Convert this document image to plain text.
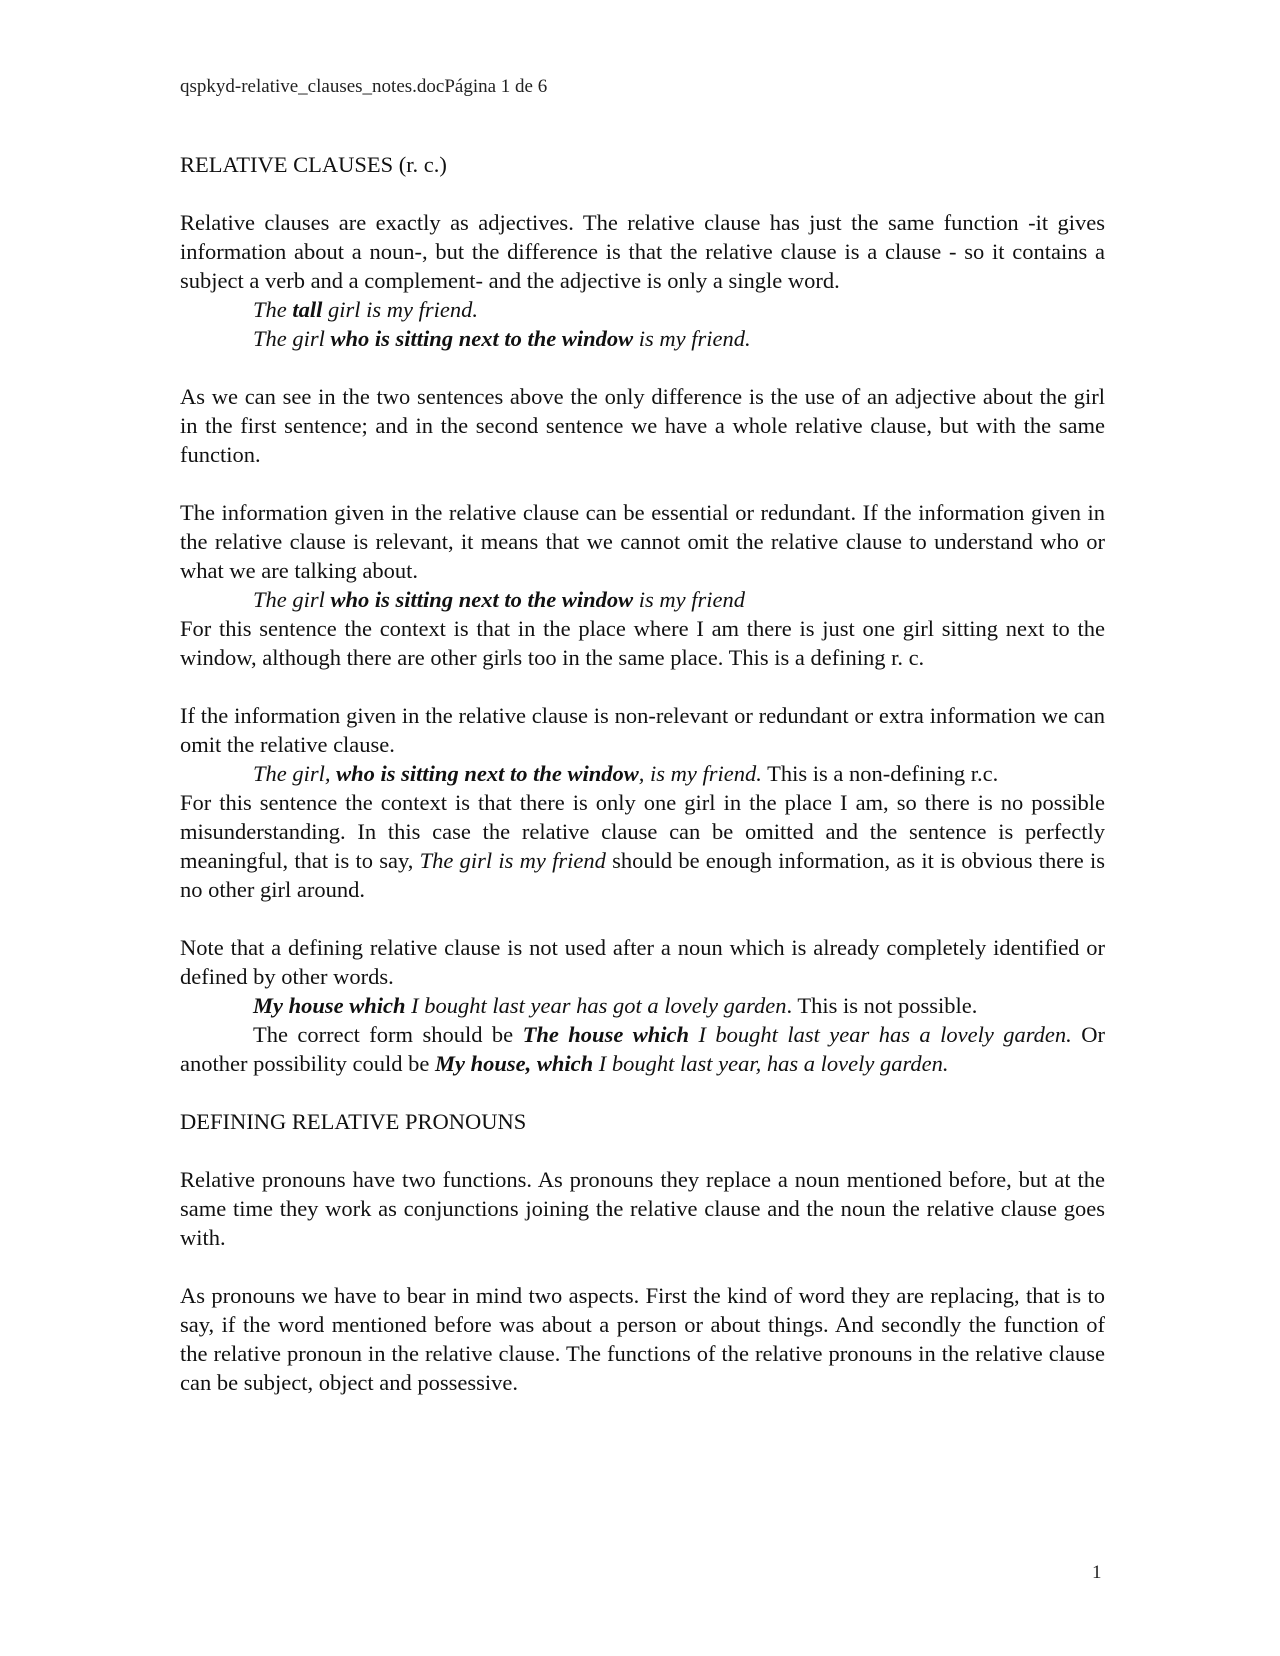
qspkyd-relative_clauses_notes.docPágina 1 de 6

RELATIVE CLAUSES (r. c.)

Relative clauses are exactly as adjectives. The relative clause has just the same function -it gives information about a noun-, but the difference is that the relative clause is a clause - so it contains a subject a verb and a complement- and the adjective is only a single word.

The tall girl is my friend.

The girl who is sitting next to the window is my friend.

As we can see in the two sentences above the only difference is the use of an adjective about the girl in the first sentence; and in the second sentence we have a whole relative clause, but with the same function.

The information given in the relative clause can be essential or redundant. If the information given in the relative clause is relevant, it means that we cannot omit the relative clause to understand who or what we are talking about.

The girl who is sitting next to the window is my friend

For this sentence the context is that in the place where I am there is just one girl sitting next to the window, although there are other girls too in the same place. This is a defining r. c.

If the information given in the relative clause is non-relevant or redundant or extra information we can omit the relative clause.

The girl, who is sitting next to the window, is my friend. This is a non-defining r.c.

For this sentence the context is that there is only one girl in the place I am, so there is no possible misunderstanding. In this case the relative clause can be omitted and the sentence is perfectly meaningful, that is to say, The girl is my friend should be enough information, as it is obvious there is no other girl around.

Note that a defining relative clause is not used after a noun which is already completely identified or defined by other words.

My house which I bought last year has got a lovely garden. This is not possible.

The correct form should be The house which I bought last year has a lovely garden. Or another possibility could be My house, which I bought last year, has a lovely garden.

DEFINING RELATIVE PRONOUNS

Relative pronouns have two functions. As pronouns they replace a noun mentioned before, but at the same time they work as conjunctions joining the relative clause and the noun the relative clause goes with.

As pronouns we have to bear in mind two aspects. First the kind of word they are replacing, that is to say, if the word mentioned before was about a person or about things. And secondly the function of the relative pronoun in the relative clause. The functions of the relative pronouns in the relative clause can be subject, object and possessive.

1
